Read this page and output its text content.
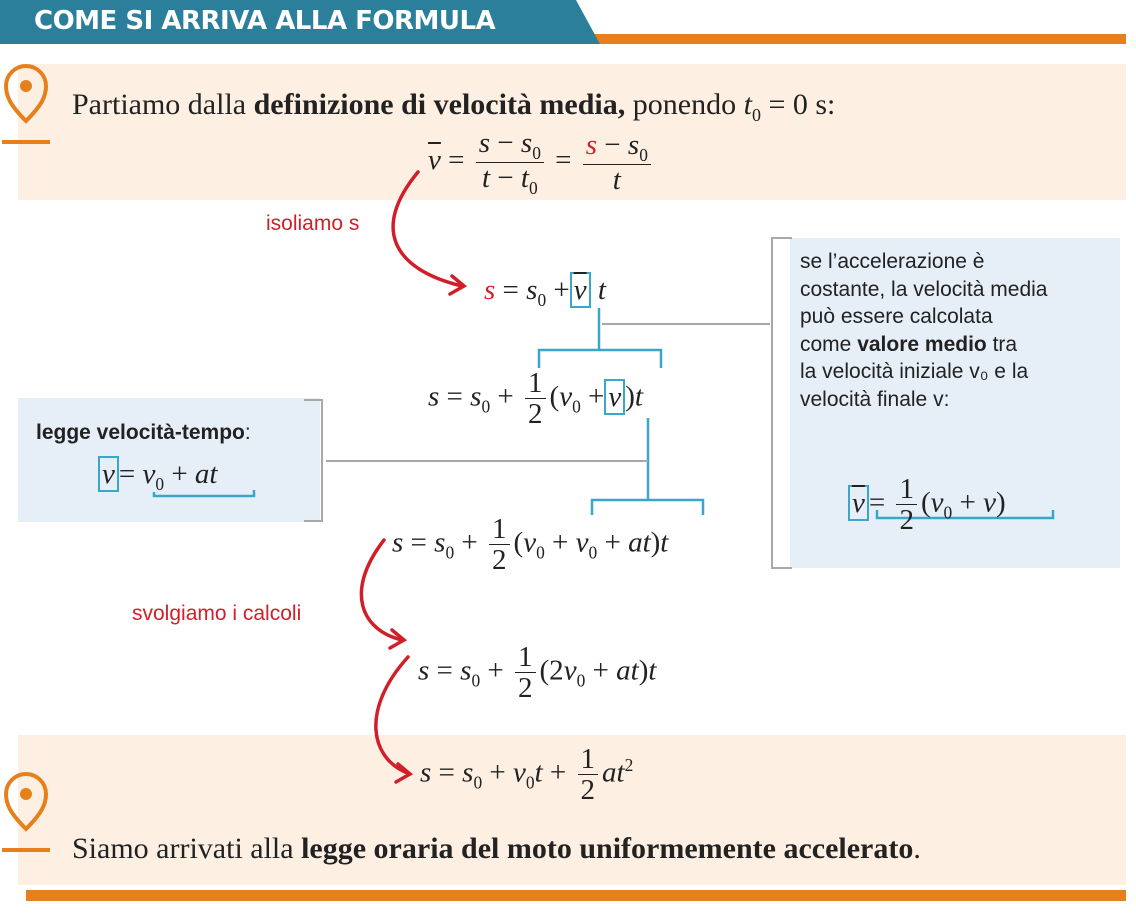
COME SI ARRIVA ALLA FORMULA
Partiamo dalla definizione di velocità media, ponendo $t_0 = 0$ s:
$\overline{v} = \frac{s - s_0}{t - t_0} = \frac{s - s_0}{t}$
isoliamo s
$s = s_0 + \overline{v}$ t
$s = s_0 + \frac{1}{2} (v_0 + v$ )t
legge velocità-tempo:
$v = v_0$ + at
$s = s_0 + \frac{1}{2} (v_0 + v_0 + at)t$
svolgiamo i calcoli
$s = s_0 + \frac{1}{2} (2v_0 + at)t$
$s = s_0 + v_0t + \frac{1}{2} at^2$
se l’accelerazione è
costante, la velocità media
può essere calcolata
come valore medio tra
la velocità iniziale v₀ e la
velocità finale v:
$\overline{v} = \frac{1}{2} (v_0 + v)$
Siamo arrivati alla legge oraria del moto uniformemente accelerato.
